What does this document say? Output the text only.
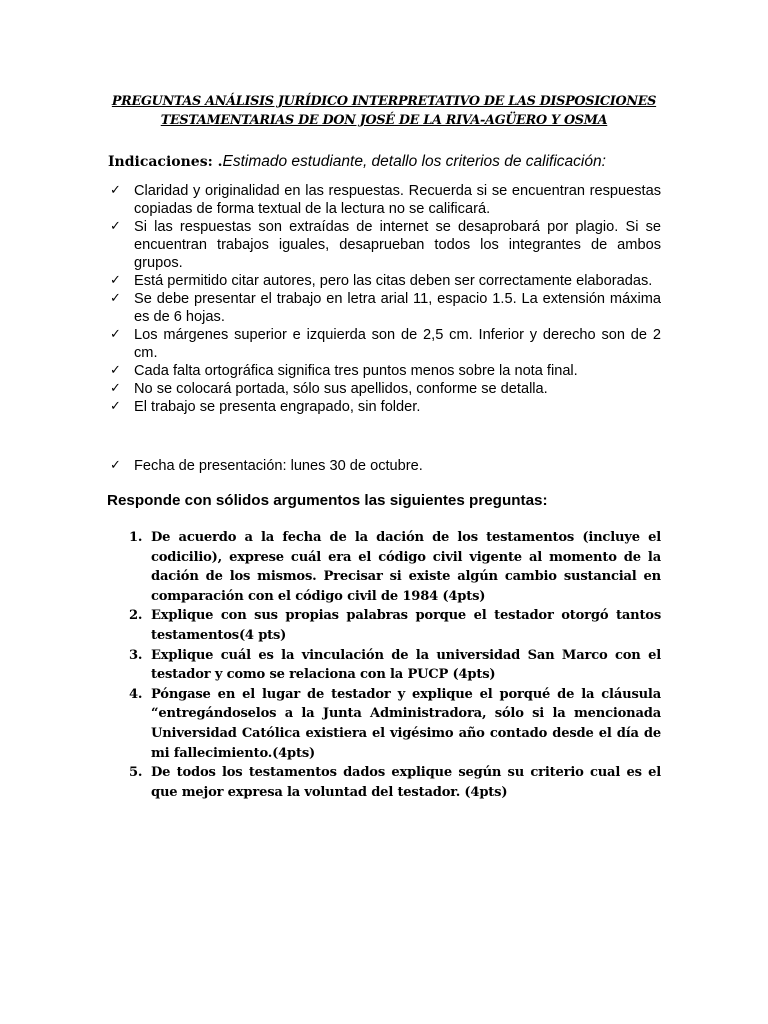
PREGUNTAS ANÁLISIS JURÍDICO INTERPRETATIVO DE LAS DISPOSICIONES
TESTAMENTARIAS DE DON JOSÉ DE LA RIVA-AGÜERO Y OSMA
Indicaciones: .Estimado estudiante, detallo los criterios de calificación:
✓ Claridad y originalidad en las respuestas. Recuerda si se encuentran respuestas copiadas de forma textual de la lectura no se calificará.
✓ Si las respuestas son extraídas de internet se desaprobará por plagio. Si se encuentran trabajos iguales, desaprueban todos los integrantes de ambos grupos.
✓ Está permitido citar autores, pero las citas deben ser correctamente elaboradas.
✓ Se debe presentar el trabajo en letra arial 11, espacio 1.5. La extensión máxima es de 6 hojas.
✓ Los márgenes superior e izquierda son de 2,5 cm. Inferior y derecho son de 2 cm.
✓ Cada falta ortográfica significa tres puntos menos sobre la nota final.
✓ No se colocará portada, sólo sus apellidos, conforme se detalla.
✓ El trabajo se presenta engrapado, sin folder.
✓ Fecha de presentación: lunes 30 de octubre.
Responde con sólidos argumentos las siguientes preguntas:
1. De acuerdo a la fecha de la dación de los testamentos (incluye el codicilio), exprese cuál era el código civil vigente al momento de la dación de los mismos. Precisar si existe algún cambio sustancial en comparación con el código civil de 1984 (4pts)
2. Explique con sus propias palabras porque el testador otorgó tantos testamentos(4 pts)
3. Explique cuál es la vinculación de la universidad San Marco con el testador y como se relaciona con la PUCP (4pts)
4. Póngase en el lugar de testador y explique el porqué de la cláusula “entregándoselos a la Junta Administradora, sólo si la mencionada Universidad Católica existiera el vigésimo año contado desde el día de mi fallecimiento.(4pts)
5. De todos los testamentos dados explique según su criterio cual es el que mejor expresa la voluntad del testador. (4pts)
